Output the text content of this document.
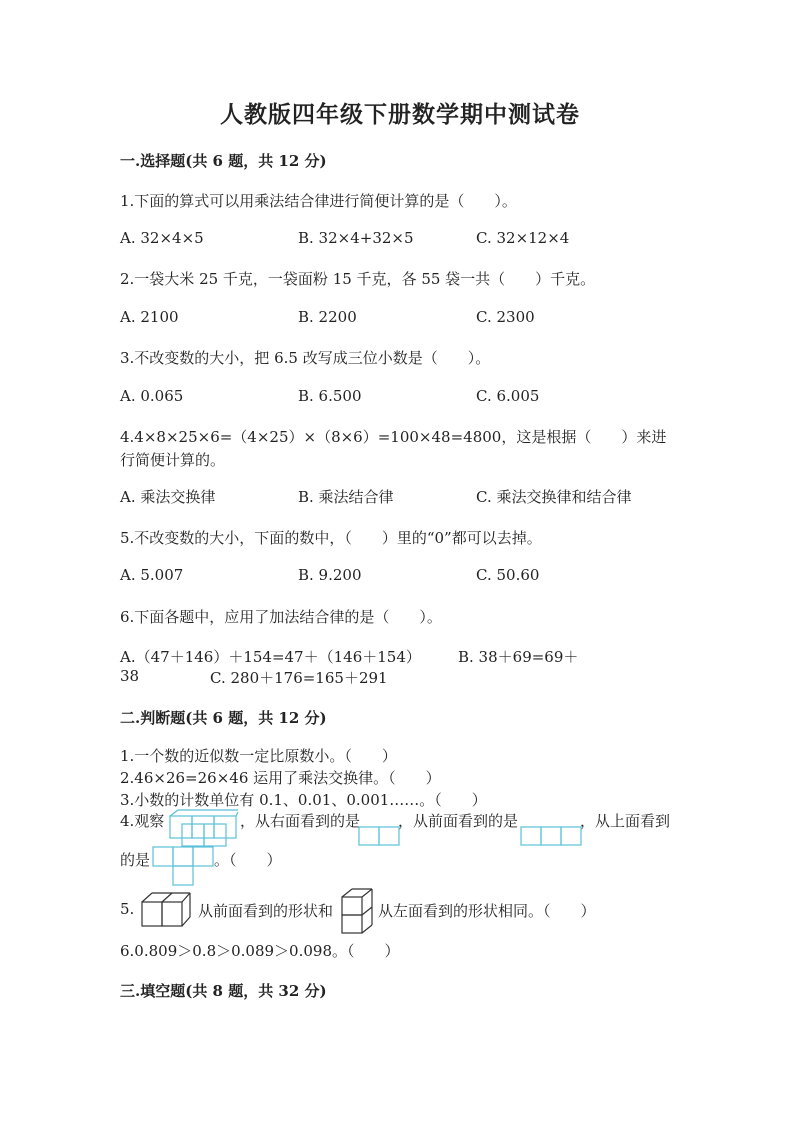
人教版四年级下册数学期中测试卷
一.选择题(共 6 题，共 12 分)
1.下面的算式可以用乘法结合律进行简便计算的是（　　）。
A. 32×4×5	B. 32×4+32×5	C. 32×12×4
2.一袋大米 25 千克，一袋面粉 15 千克，各 55 袋一共（　　）千克。
A. 2100	B. 2200	C. 2300
3.不改变数的大小，把 6.5 改写成三位小数是（　　）。
A. 0.065	B. 6.500	C. 6.005
4.4×8×25×6=（4×25）×（8×6）=100×48=4800，这是根据（　　）来进
行简便计算的。
A. 乘法交换律	B. 乘法结合律	C. 乘法交换律和结合律
5.不改变数的大小，下面的数中，（　　）里的“0”都可以去掉。
A. 5.007	B. 9.200	C. 50.60
6.下面各题中，应用了加法结合律的是（　　）。
A.（47＋146）＋154=47＋（146＋154） B. 38＋69=69＋
38	C. 280＋176=165＋291
二.判断题(共 6 题，共 12 分)
1.一个数的近似数一定比原数小。（　　）
2.46×26=26×46 运用了乘法交换律。（　　）
3.小数的计数单位有 0.1、0.01、0.001……。（　　）
4.观察	，从右面看到的是	，从前面看到的是	，从上面看到
的是	。（　　）
5.	从前面看到的形状和	从左面看到的形状相同。（　　）
6.0.809＞0.8＞0.089＞0.098。（　　）
三.填空题(共 8 题，共 32 分)
